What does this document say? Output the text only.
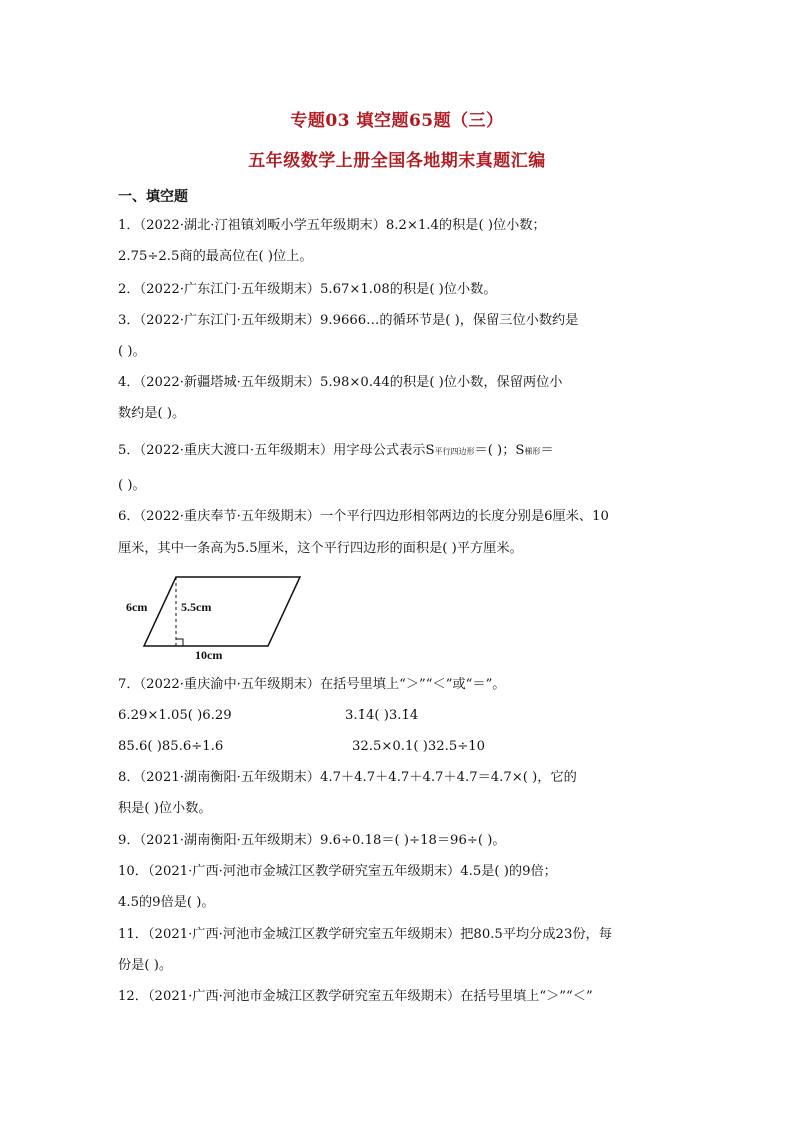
专题03 填空题65题（三）
五年级数学上册全国各地期末真题汇编
一、填空题
1．（2022·湖北·汀祖镇刘畈小学五年级期末）8.2×1.4的积是( )位小数；
2.75÷2.5商的最高位在( )位上。
2．（2022·广东江门·五年级期末）5.67×1.08的积是( )位小数。
3．（2022·广东江门·五年级期末）9.9666…的循环节是( )，保留三位小数约是
( )。
4．（2022·新疆塔城·五年级期末）5.98×0.44的积是( )位小数，保留两位小
数约是( )。
5．（2022·重庆大渡口·五年级期末）用字母公式表示S平行四边形＝( )；S梯形＝
( )。
6．（2022·重庆奉节·五年级期末）一个平行四边形相邻两边的长度分别是6厘米、10
厘米，其中一条高为5.5厘米，这个平行四边形的面积是( )平方厘米。
6cm	5.5cm
10cm
7．（2022·重庆渝中·五年级期末）在括号里填上“＞”“＜”或“＝”。
6.29×1.05( )6.29	3.1̇4̇( )3.1̇4
85.6( )85.6÷1.6	32.5×0.1( )32.5÷10
8．（2021·湖南衡阳·五年级期末）4.7＋4.7＋4.7＋4.7＋4.7＝4.7×( )，它的
积是( )位小数。
9．（2021·湖南衡阳·五年级期末）9.6÷0.18＝( )÷18＝96÷( )。
10．（2021·广西·河池市金城江区教学研究室五年级期末）4.5是( )的9倍；
4.5的9倍是( )。
11．（2021·广西·河池市金城江区教学研究室五年级期末）把80.5平均分成23份，每
份是( )。
12．（2021·广西·河池市金城江区教学研究室五年级期末）在括号里填上“＞”“＜”
